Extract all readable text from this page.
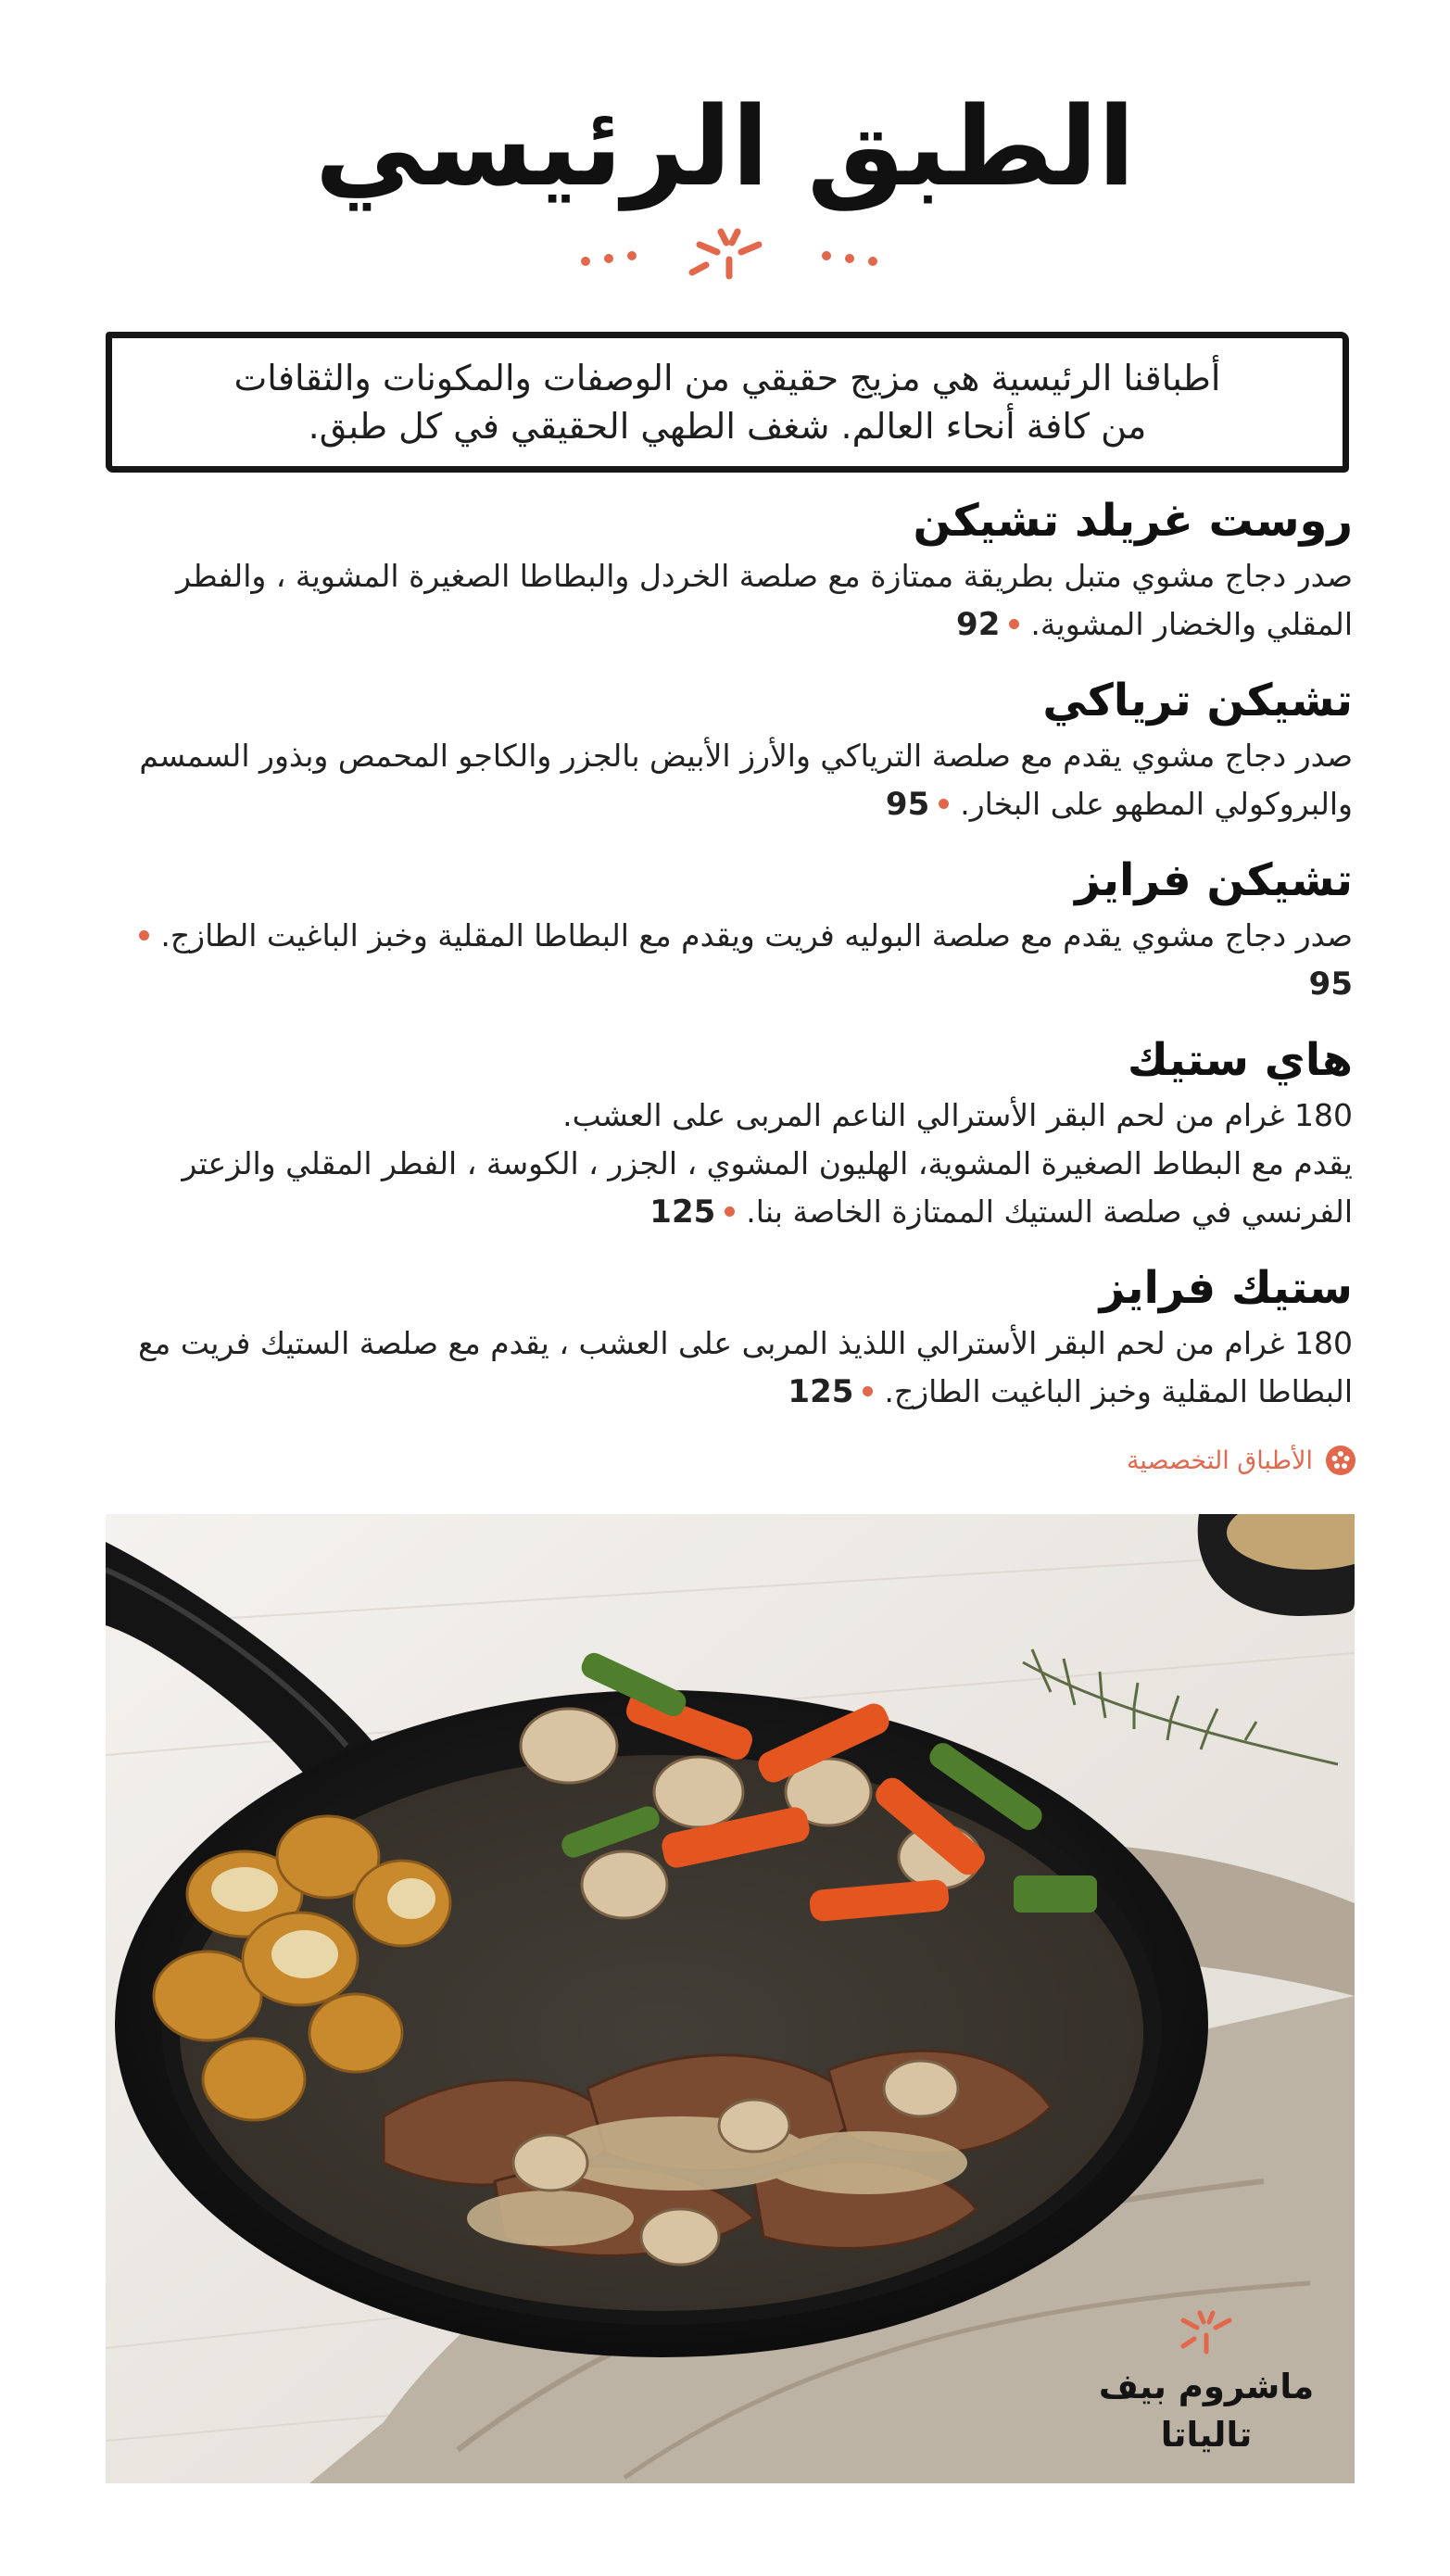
الطبق الرئيسي

أطباقنا الرئيسية هي مزيج حقيقي من الوصفات والمكونات والثقافات من كافة أنحاء العالم. شغف الطهي الحقيقي في كل طبق.

روست غريلد تشيكن

صدر دجاج مشوي متبل بطريقة ممتازة مع صلصة الخردل والبطاطا الصغيرة المشوية ، والفطر المقلي والخضار المشوية.92

تشيكن ترياكي

صدر دجاج مشوي يقدم مع صلصة الترياكي والأرز الأبيض بالجزر والكاجو المحمص وبذور السمسم والبروكولي المطهو على البخار.95

تشيكن فرايز

صدر دجاج مشوي يقدم مع صلصة البوليه فريت ويقدم مع البطاطا المقلية وخبز الباغيت الطازج.95

هاي ستيك

180 غرام من لحم البقر الأسترالي الناعم المربى على العشب.

يقدم مع البطاط الصغيرة المشوية، الهليون المشوي ، الجزر ، الكوسة ، الفطر المقلي والزعتر الفرنسي في صلصة الستيك الممتازة الخاصة بنا.125

ستيك فرايز

180 غرام من لحم البقر الأسترالي اللذيذ المربى على العشب ، يقدم مع صلصة الستيك فريت مع البطاطا المقلية وخبز الباغيت الطازج.125

الأطباق التخصصية
ماشروم بيف
تالياتا
